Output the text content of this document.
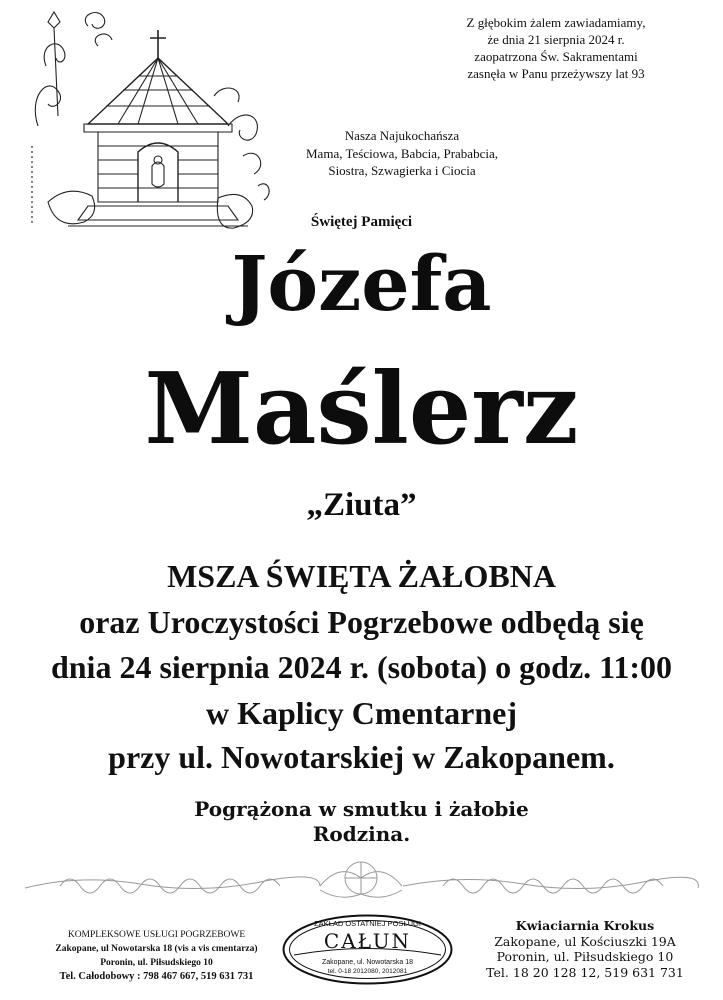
Z głębokim żalem zawiadamiamy,
że dnia 21 sierpnia 2024 r.
zaopatrzona Św. Sakramentami
zasnęła w Panu przeżywszy lat 93
Nasza Najukochańsza
Mama, Teściowa, Babcia, Prababcia,
Siostra, Szwagierka i Ciocia
Świętej Pamięci
Józefa
Maślerz
„Ziuta”
MSZA ŚWIĘTA ŻAŁOBNA
oraz Uroczystości Pogrzebowe odbędą się
dnia 24 sierpnia 2024 r. (sobota) o godz. 11:00
w Kaplicy Cmentarnej
przy ul. Nowotarskiej w Zakopanem.
Pogrążona w smutku i żałobie
Rodzina.
KOMPLEKSOWE USŁUGI POGRZEBOWE
Zakopane, ul Nowotarska 18 (vis a vis cmentarza)
Poronin, ul. Piłsudskiego 10
Tel. Całodobowy : 798 467 667, 519 631 731
ZAKŁAD OSTATNIEJ POSŁUGI
CAŁUN
Zakopane, ul. Nowotarska 18
tel. 0-18 2012080, 2012081
Kwiaciarnia Krokus
Zakopane, ul Kościuszki 19A
Poronin, ul. Piłsudskiego 10
Tel. 18 20 128 12, 519 631 731
